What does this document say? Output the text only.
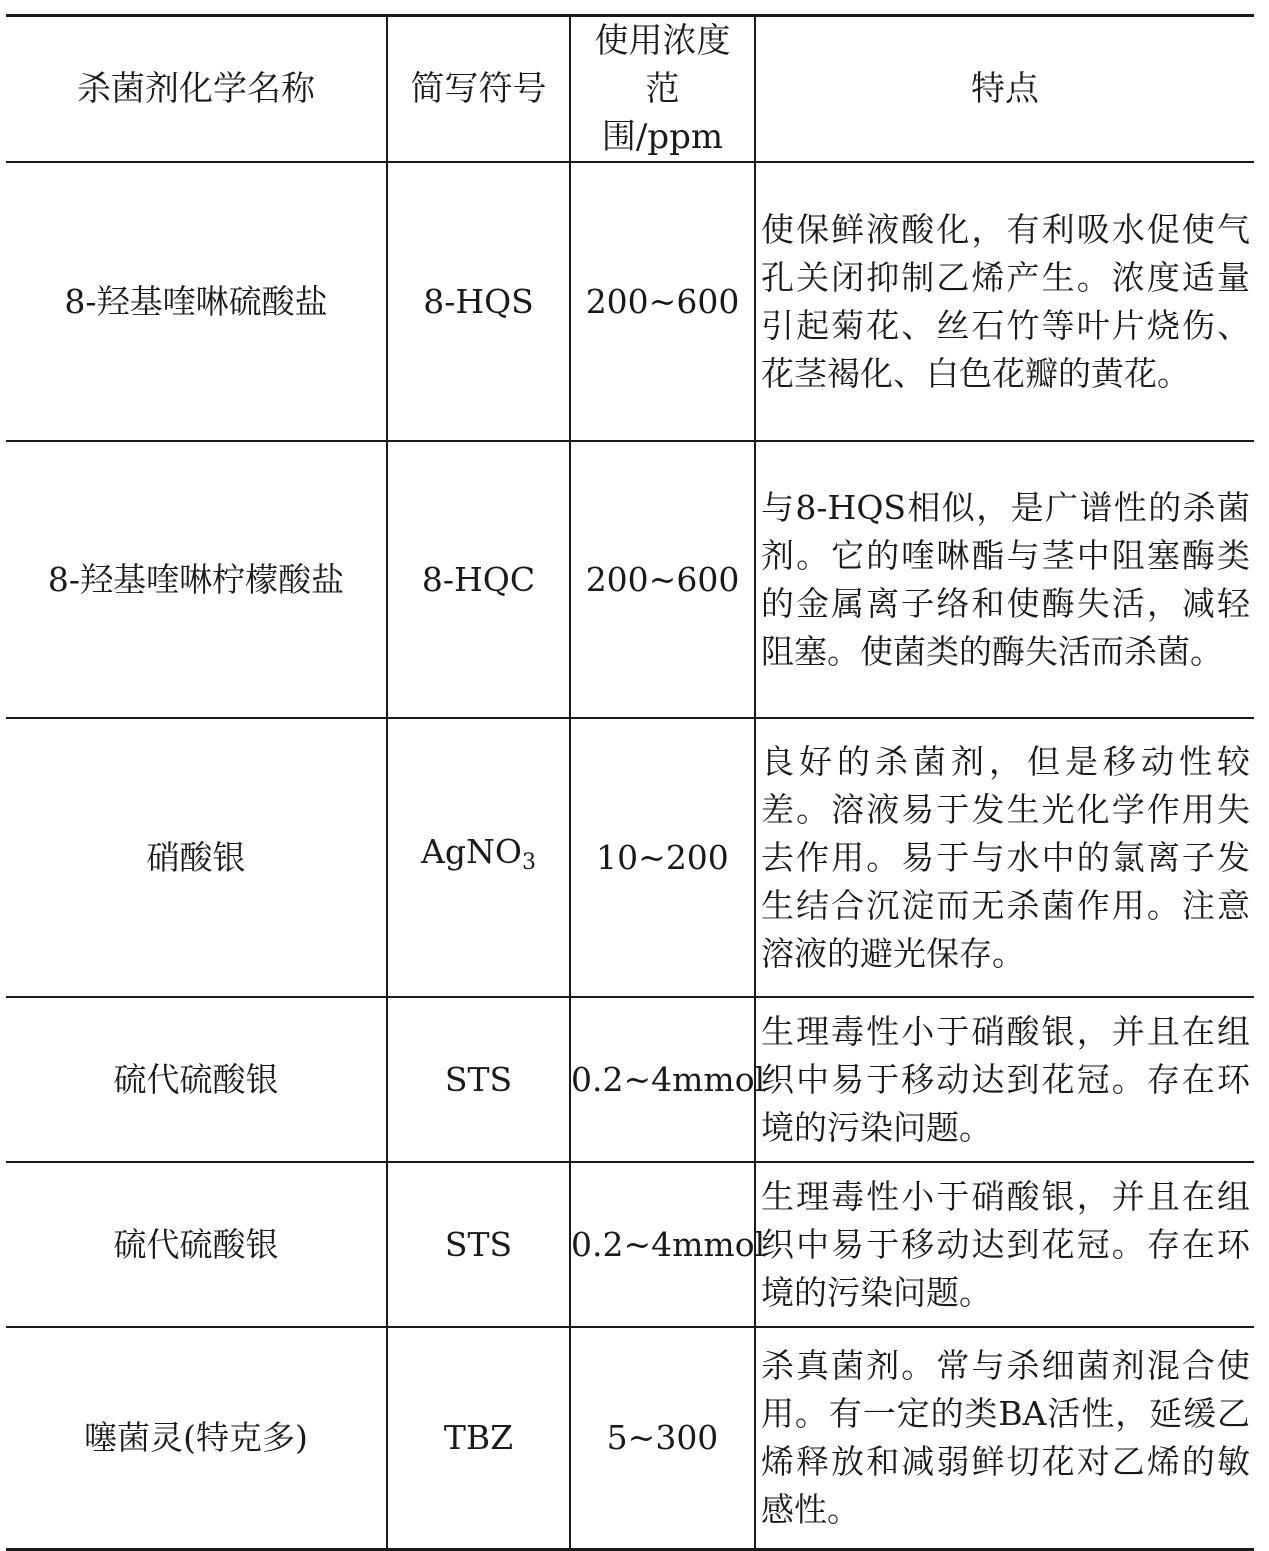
杀菌剂化学名称	简写符号	使用浓度范围/ppm	特点
8-羟基喹啉硫酸盐	8-HQS	200~600	使保鲜液酸化，有利吸水促使气孔关闭抑制乙烯产生。浓度适量引起菊花、丝石竹等叶片烧伤、花茎褐化、白色花瓣的黄花。
8-羟基喹啉柠檬酸盐	8-HQC	200~600	与8-HQS相似，是广谱性的杀菌剂。它的喹啉酯与茎中阻塞酶类的金属离子络和使酶失活，减轻阻塞。使菌类的酶失活而杀菌。
硝酸银	AgNO$_3$	10~200	良好的杀菌剂，但是移动性较差。溶液易于发生光化学作用失去作用。易于与水中的氯离子发生结合沉淀而无杀菌作用。注意溶液的避光保存。
硫代硫酸银	STS	0.2~4mmol	生理毒性小于硝酸银，并且在组织中易于移动达到花冠。存在环境的污染问题。
硫代硫酸银	STS	0.2~4mmol	生理毒性小于硝酸银，并且在组织中易于移动达到花冠。存在环境的污染问题。
噻菌灵(特克多)	TBZ	5~300	杀真菌剂。常与杀细菌剂混合使用。有一定的类BA活性，延缓乙烯释放和减弱鲜切花对乙烯的敏感性。
